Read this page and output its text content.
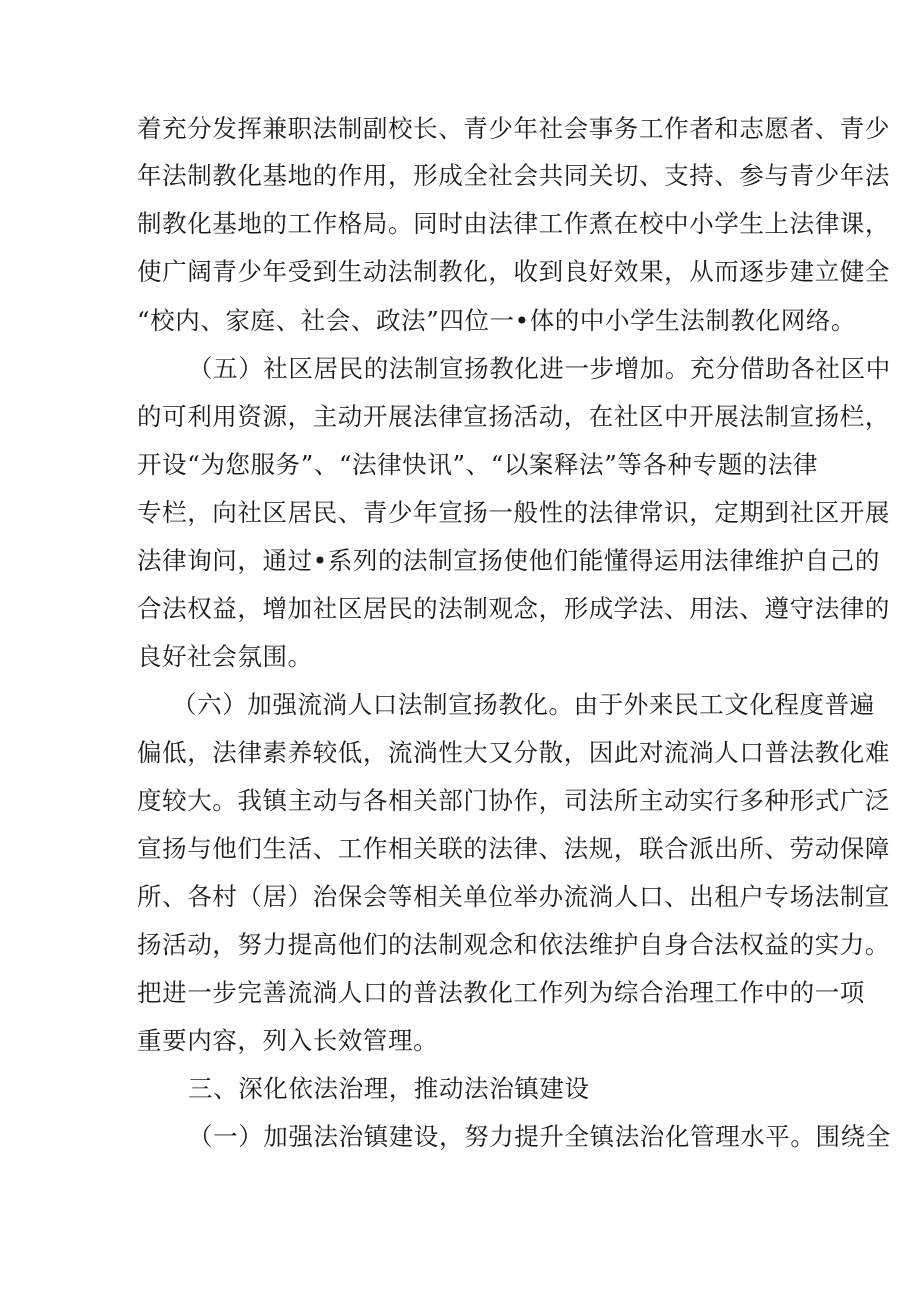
着充分发挥兼职法制副校长、青少年社会事务工作者和志愿者、青少
年法制教化基地的作用，形成全社会共同关切、支持、参与青少年法
制教化基地的工作格局。同时由法律工作煮在校中小学生上法律课，
使广阔青少年受到生动法制教化，收到良好效果，从而逐步建立健全
“校内、家庭、社会、政法”四位一•体的中小学生法制教化网络。
（五）社区居民的法制宣扬教化进一步增加。充分借助各社区中
的可利用资源，主动开展法律宣扬活动，在社区中开展法制宣扬栏，
开设“为您服务”、“法律快讯”、“以案释法”等各种专题的法律
专栏，向社区居民、青少年宣扬一般性的法律常识，定期到社区开展
法律询问，通过•系列的法制宣扬使他们能懂得运用法律维护自己的
合法权益，增加社区居民的法制观念，形成学法、用法、遵守法律的
良好社会氛围。
（六）加强流淌人口法制宣扬教化。由于外来民工文化程度普遍
偏低，法律素养较低，流淌性大又分散，因此对流淌人口普法教化难
度较大。我镇主动与各相关部门协作，司法所主动实行多种形式广泛
宣扬与他们生活、工作相关联的法律、法规，联合派出所、劳动保障
所、各村（居）治保会等相关单位举办流淌人口、出租户专场法制宣
扬活动，努力提高他们的法制观念和依法维护自身合法权益的实力。
把进一步完善流淌人口的普法教化工作列为综合治理工作中的一项
重要内容，列入长效管理。
三、深化依法治理，推动法治镇建设
（一）加强法治镇建设，努力提升全镇法治化管理水平。围绕全
